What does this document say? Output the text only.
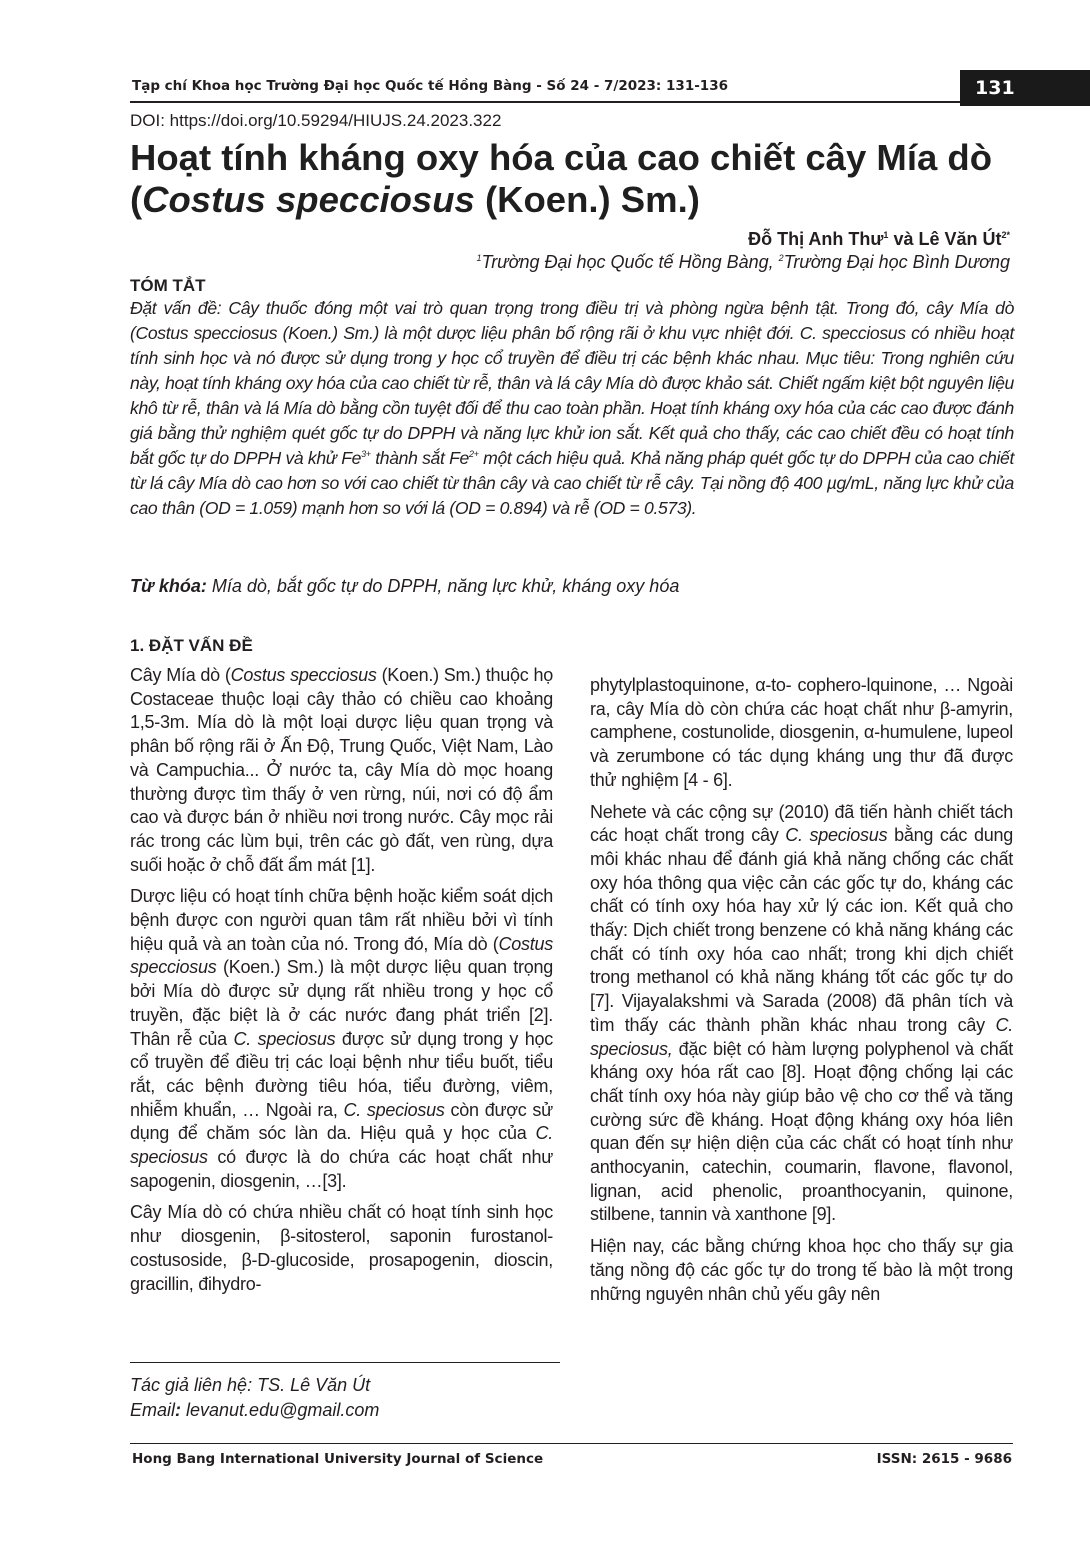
Tạp chí Khoa học Trường Đại học Quốc tế Hồng Bàng - Số 24 - 7/2023: 131-136	131
DOI: https://doi.org/10.59294/HIUJS.24.2023.322
Hoạt tính kháng oxy hóa của cao chiết cây Mía dò (Costus specciosus (Koen.) Sm.)
Đỗ Thị Anh Thư$^1$ và Lê Văn $Út^{2*}$
$^1$Trường Đại học Quốc tế Hồng Bàng, $^2$Trường Đại học Bình Dương
TÓM TẮT
Đặt vấn đề: Cây thuốc đóng một vai trò quan trọng trong điều trị và phòng ngừa bệnh tật. Trong đó, cây Mía dò (Costus specciosus (Koen.) Sm.) là một dược liệu phân bố rộng rãi ở khu vực nhiệt đới. C. specciosus có nhiều hoạt tính sinh học và nó được sử dụng trong y học cổ truyền để điều trị các bệnh khác nhau. Mục tiêu: Trong nghiên cứu này, hoạt tính kháng oxy hóa của cao chiết từ rễ, thân và lá cây Mía dò được khảo sát. Chiết ngấm kiệt bột nguyên liệu khô từ rễ, thân và lá Mía dò bằng cồn tuyệt đối để thu cao toàn phần. Hoạt tính kháng oxy hóa của các cao được đánh giá bằng thử nghiệm quét gốc tự do DPPH và năng lực khử ion sắt. Kết quả cho thấy, các cao chiết đều có hoạt tính bắt gốc tự do DPPH và khử $Fe^{3+}$ thành sắt $Fe^{2+}$ một cách hiệu quả. Khả năng pháp quét gốc tự do DPPH của cao chiết từ lá cây Mía dò cao hơn so với cao chiết từ thân cây và cao chiết từ rễ cây. Tại nồng độ 400 µg/mL, năng lực khử của cao thân (OD = 1.059) mạnh hơn so với lá (OD = 0.894) và rễ (OD = 0.573).
Từ khóa: Mía dò, bắt gốc tự do DPPH, năng lực khử, kháng oxy hóa
1. ĐẶT VẤN ĐỀ

Cây Mía dò (Costus specciosus (Koen.) Sm.) thuộc họ Costaceae thuộc loại cây thảo có chiều cao khoảng 1,5-3m. Mía dò là một loại dược liệu quan trọng và phân bố rộng rãi ở Ấn Độ, Trung Quốc, Việt Nam, Lào và Campuchia... Ở nước ta, cây Mía dò mọc hoang thường được tìm thấy ở ven rừng, núi, nơi có độ ẩm cao và được bán ở nhiều nơi trong nước. Cây mọc rải rác trong các lùm bụi, trên các gò đất, ven rùng, dựa suối hoặc ở chỗ đất ẩm mát [1].

Dược liệu có hoạt tính chữa bệnh hoặc kiểm soát dịch bệnh được con người quan tâm rất nhiều bởi vì tính hiệu quả và an toàn của nó. Trong đó, Mía dò (Costus specciosus (Koen.) Sm.) là một dược liệu quan trọng bởi Mía dò được sử dụng rất nhiều trong y học cổ truyền, đặc biệt là ở các nước đang phát triển [2]. Thân rễ của C. speciosus được sử dụng trong y học cổ truyền để điều trị các loại bệnh như tiểu buốt, tiểu rắt, các bệnh đường tiêu hóa, tiểu đường, viêm, nhiễm khuẩn, … Ngoài ra, C. speciosus còn được sử dụng để chăm sóc làn da. Hiệu quả y học của C. speciosus có được là do chứa các hoạt chất như sapogenin, diosgenin, …[3].

Cây Mía dò có chứa nhiều chất có hoạt tính sinh học như diosgenin, β-sitosterol, saponin furostanol-costusoside, β-D-glucoside, prosapogenin, dioscin, gracillin, đihydro-

phytylplastoquinone, α-to- cophero-lquinone, … Ngoài ra, cây Mía dò còn chứa các hoạt chất như β-amyrin, camphene, costunolide, diosgenin, α-humulene, lupeol và zerumbone có tác dụng kháng ung thư đã được thử nghiệm [4 - 6].

Nehete và các cộng sự (2010) đã tiến hành chiết tách các hoạt chất trong cây C. speciosus bằng các dung môi khác nhau để đánh giá khả năng chống các chất oxy hóa thông qua việc cản các gốc tự do, kháng các chất có tính oxy hóa hay xử lý các ion. Kết quả cho thấy: Dịch chiết trong benzene có khả năng kháng các chất có tính oxy hóa cao nhất; trong khi dịch chiết trong methanol có khả năng kháng tốt các gốc tự do [7]. Vijayalakshmi và Sarada (2008) đã phân tích và tìm thấy các thành phần khác nhau trong cây C. speciosus, đặc biệt có hàm lượng polyphenol và chất kháng oxy hóa rất cao [8]. Hoạt động chống lại các chất tính oxy hóa này giúp bảo vệ cho cơ thể và tăng cường sức đề kháng. Hoạt động kháng oxy hóa liên quan đến sự hiện diện của các chất có hoạt tính như anthocyanin, catechin, coumarin, flavone, flavonol, lignan, acid phenolic, proanthocyanin, quinone, stilbene, tannin và xanthone [9].

Hiện nay, các bằng chứng khoa học cho thấy sự gia tăng nồng độ các gốc tự do trong tế bào là một trong những nguyên nhân chủ yếu gây nên

Tác giả liên hệ: TS. Lê Văn Út
Email: levanut.edu@gmail.com
Hong Bang International University Journal of Science	ISSN: 2615 - 9686
